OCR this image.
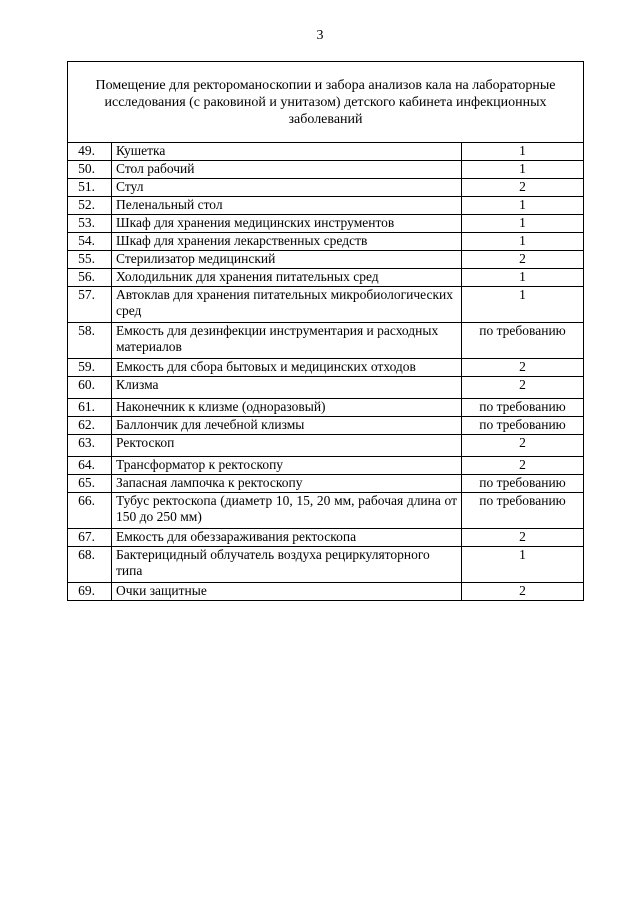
3
Помещение для ректороманоскопии и забора анализов кала на лабораторные исследования (с раковиной и унитазом) детского кабинета инфекционных заболеваний		
49.	Кушетка	1
50.	Стол рабочий	1
51.	Стул	2
52.	Пеленальный стол	1
53.	Шкаф для хранения медицинских инструментов	1
54.	Шкаф для хранения лекарственных средств	1
55.	Стерилизатор медицинский	2
56.	Холодильник для хранения питательных сред	1
57.	Автоклав для хранения питательных микробиологических сред	1
58.	Емкость для дезинфекции инструментария и расходных материалов	по требованию
59.	Емкость для сбора бытовых и медицинских отходов	2
60.	Клизма	2
61.	Наконечник к клизме (одноразовый)	по требованию
62.	Баллончик для лечебной клизмы	по требованию
63.	Ректоскоп	2
64.	Трансформатор к ректоскопу	2
65.	Запасная лампочка к ректоскопу	по требованию
66.	Тубус ректоскопа (диаметр 10, 15, 20 мм, рабочая длина от 150 до 250 мм)	по требованию
67.	Емкость для обеззараживания ректоскопа	2
68.	Бактерицидный облучатель воздуха рециркуляторного типа	1
69.	Очки защитные	2
